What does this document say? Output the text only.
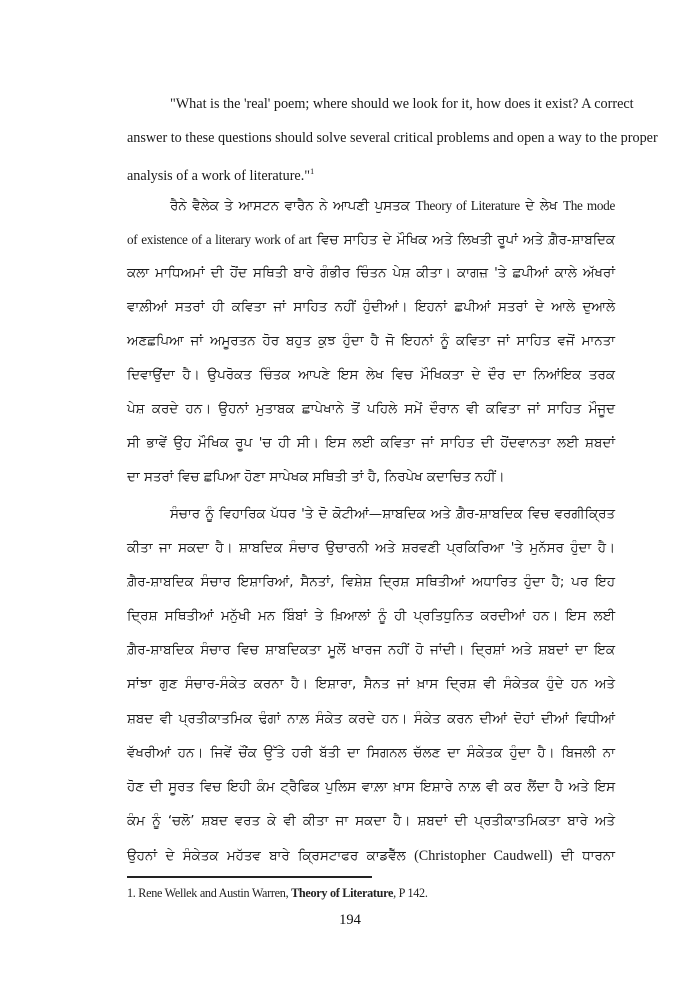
"What is the 'real' poem; where should we look for it, how does it exist? A correct
answer to these questions should solve several critical problems and open a way to the proper
analysis of a work of literature."$^1$
ਰੈਨੇ ਵੈਲੇਕ ਤੇ ਆਸਟਨ ਵਾਰੈਨ ਨੇ ਆਪਣੀ ਪੁਸਤਕ Theory of Literature ਦੇ ਲੇਖ The mode
of existence of a literary work of art ਵਿਚ ਸਾਹਿਤ ਦੇ ਮੌਖਿਕ ਅਤੇ ਲਿਖਤੀ ਰੂਪਾਂ ਅਤੇ ਗ਼ੈਰ-ਸ਼ਾਬਦਿਕ
ਕਲਾ ਮਾਧਿਅਮਾਂ ਦੀ ਹੋਂਦ ਸਥਿਤੀ ਬਾਰੇ ਗੰਭੀਰ ਚਿੰਤਨ ਪੇਸ਼ ਕੀਤਾ। ਕਾਗਜ਼ 'ਤੇ ਛਪੀਆਂ ਕਾਲੇ ਅੱਖਰਾਂ
ਵਾਲ਼ੀਆਂ ਸਤਰਾਂ ਹੀ ਕਵਿਤਾ ਜਾਂ ਸਾਹਿਤ ਨਹੀਂ ਹੁੰਦੀਆਂ। ਇਹਨਾਂ ਛਪੀਆਂ ਸਤਰਾਂ ਦੇ ਆਲੇ ਦੁਆਲੇ
ਅਣਛਪਿਆ ਜਾਂ ਅਮੂਰਤਨ ਹੋਰ ਬਹੁਤ ਕੁਝ ਹੁੰਦਾ ਹੈ ਜੋ ਇਹਨਾਂ ਨੂੰ ਕਵਿਤਾ ਜਾਂ ਸਾਹਿਤ ਵਜੋਂ ਮਾਨਤਾ
ਦਿਵਾਉਂਦਾ ਹੈ। ਉਪਰੋਕਤ ਚਿੰਤਕ ਆਪਣੇ ਇਸ ਲੇਖ ਵਿਚ ਮੌਖਿਕਤਾ ਦੇ ਦੌਰ ਦਾ ਨਿਆਂਇਕ ਤਰਕ
ਪੇਸ਼ ਕਰਦੇ ਹਨ। ਉਹਨਾਂ ਮੁਤਾਬਕ ਛਾਪੇਖਾਨੇ ਤੋਂ ਪਹਿਲੇ ਸਮੇਂ ਦੌਰਾਨ ਵੀ ਕਵਿਤਾ ਜਾਂ ਸਾਹਿਤ ਮੌਜੂਦ
ਸੀ ਭਾਵੇਂ ਉਹ ਮੌਖਿਕ ਰੂਪ 'ਚ ਹੀ ਸੀ। ਇਸ ਲਈ ਕਵਿਤਾ ਜਾਂ ਸਾਹਿਤ ਦੀ ਹੋਂਦਵਾਨਤਾ ਲਈ ਸ਼ਬਦਾਂ
ਦਾ ਸਤਰਾਂ ਵਿਚ ਛਪਿਆ ਹੋਣਾ ਸਾਪੇਖਕ ਸਥਿਤੀ ਤਾਂ ਹੈ, ਨਿਰਪੇਖ ਕਦਾਚਿਤ ਨਹੀਂ।
ਸੰਚਾਰ ਨੂੰ ਵਿਹਾਰਿਕ ਪੱਧਰ 'ਤੇ ਦੋ ਕੋਟੀਆਂ—ਸ਼ਾਬਦਿਕ ਅਤੇ ਗ਼ੈਰ-ਸ਼ਾਬਦਿਕ ਵਿਚ ਵਰਗੀਕ੍ਰਿਤ
ਕੀਤਾ ਜਾ ਸਕਦਾ ਹੈ। ਸ਼ਾਬਦਿਕ ਸੰਚਾਰ ਉਚਾਰਨੀ ਅਤੇ ਸ਼ਰਵਣੀ ਪ੍ਰਕਿਰਿਆ 'ਤੇ ਮੁਨੱਸਰ ਹੁੰਦਾ ਹੈ।
ਗ਼ੈਰ-ਸ਼ਾਬਦਿਕ ਸੰਚਾਰ ਇਸ਼ਾਰਿਆਂ, ਸੈਨਤਾਂ, ਵਿਸ਼ੇਸ਼ ਦ੍ਰਿਸ਼ ਸਥਿਤੀਆਂ ਅਧਾਰਿਤ ਹੁੰਦਾ ਹੈ; ਪਰ ਇਹ
ਦ੍ਰਿਸ਼ ਸਥਿਤੀਆਂ ਮਨੁੱਖੀ ਮਨ ਬਿੰਬਾਂ ਤੇ ਖ਼ਿਆਲਾਂ ਨੂੰ ਹੀ ਪ੍ਰਤਿਧੁਨਿਤ ਕਰਦੀਆਂ ਹਨ। ਇਸ ਲਈ
ਗ਼ੈਰ-ਸ਼ਾਬਦਿਕ ਸੰਚਾਰ ਵਿਚ ਸ਼ਾਬਦਿਕਤਾ ਮੂਲੋਂ ਖਾਰਜ ਨਹੀਂ ਹੋ ਜਾਂਦੀ। ਦ੍ਰਿਸ਼ਾਂ ਅਤੇ ਸ਼ਬਦਾਂ ਦਾ ਇਕ
ਸਾਂਝਾ ਗੁਣ ਸੰਚਾਰ-ਸੰਕੇਤ ਕਰਨਾ ਹੈ। ਇਸ਼ਾਰਾ, ਸੈਨਤ ਜਾਂ ਖ਼ਾਸ ਦ੍ਰਿਸ਼ ਵੀ ਸੰਕੇਤਕ ਹੁੰਦੇ ਹਨ ਅਤੇ
ਸ਼ਬਦ ਵੀ ਪ੍ਰਤੀਕਾਤਮਿਕ ਢੰਗਾਂ ਨਾਲ਼ ਸੰਕੇਤ ਕਰਦੇ ਹਨ। ਸੰਕੇਤ ਕਰਨ ਦੀਆਂ ਦੋਹਾਂ ਦੀਆਂ ਵਿਧੀਆਂ
ਵੱਖਰੀਆਂ ਹਨ। ਜਿਵੇਂ ਚੌਂਕ ਉੱਤੇ ਹਰੀ ਬੱਤੀ ਦਾ ਸਿਗਨਲ ਚੱਲਣ ਦਾ ਸੰਕੇਤਕ ਹੁੰਦਾ ਹੈ। ਬਿਜਲੀ ਨਾ
ਹੋਣ ਦੀ ਸੂਰਤ ਵਿਚ ਇਹੀ ਕੰਮ ਟ੍ਰੈਫਿਕ ਪੁਲਿਸ ਵਾਲ਼ਾ ਖ਼ਾਸ ਇਸ਼ਾਰੇ ਨਾਲ਼ ਵੀ ਕਰ ਲੈਂਦਾ ਹੈ ਅਤੇ ਇਸ
ਕੰਮ ਨੂੰ ‘ਚਲੋ’ ਸ਼ਬਦ ਵਰਤ ਕੇ ਵੀ ਕੀਤਾ ਜਾ ਸਕਦਾ ਹੈ। ਸ਼ਬਦਾਂ ਦੀ ਪ੍ਰਤੀਕਾਤਮਿਕਤਾ ਬਾਰੇ ਅਤੇ
ਉਹਨਾਂ ਦੇ ਸੰਕੇਤਕ ਮਹੱਤਵ ਬਾਰੇ ਕ੍ਰਿਸਟਾਫਰ ਕਾਡਵੈੱਲ (Christopher Caudwell) ਦੀ ਧਾਰਨਾ
1. Rene Wellek and Austin Warren, Theory of Literature, P 142.
194
